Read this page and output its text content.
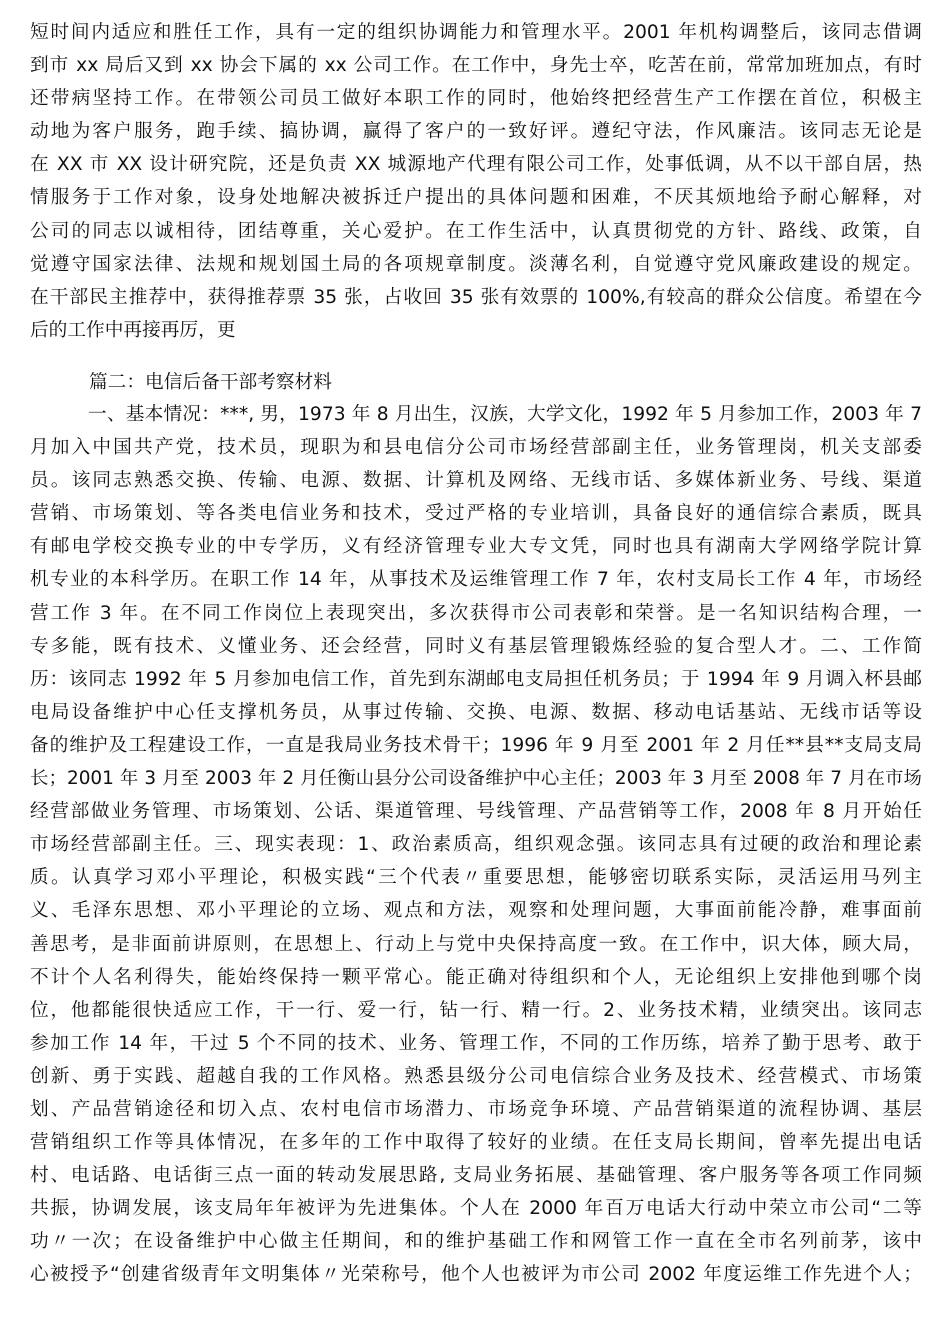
短时间内适应和胜任工作，具有一定的组织协调能力和管理水平。2001 年机构调整后，该同志借调
到市 xx 局后又到 xx 协会下属的 xx 公司工作。在工作中，身先士卒，吃苦在前，常常加班加点，有时
还带病坚持工作。在带领公司员工做好本职工作的同时，他始终把经营生产工作摆在首位，积极主
动地为客户服务，跑手续、搞协调，赢得了客户的一致好评。遵纪守法，作风廉洁。该同志无论是
在 XX 市 XX 设计研究院，还是负责 XX 城源地产代理有限公司工作，处事低调，从不以干部自居，热
情服务于工作对象，设身处地解决被拆迁户提出的具体问题和困难，不厌其烦地给予耐心解释，对
公司的同志以诚相待，团结尊重，关心爱护。在工作生活中，认真贯彻党的方针、路线、政策，自
觉遵守国家法律、法规和规划国土局的各项规章制度。淡薄名利，自觉遵守党风廉政建设的规定。
在干部民主推荐中，获得推荐票 35 张，占收回 35 张有效票的 100%,有较高的群众公信度。希望在今
后的工作中再接再厉，更

篇二：电信后备干部考察材料

一、基本情况：***, 男，1973 年 8 月出生，汉族，大学文化，1992 年 5 月参加工作，2003 年 7
月加入中国共产党，技术员，现职为和县电信分公司市场经营部副主任，业务管理岗，机关支部委
员。该同志熟悉交换、传输、电源、数据、计算机及网络、无线市话、多媒体新业务、号线、渠道
营销、市场策划、等各类电信业务和技术，受过严格的专业培训，具备良好的通信综合素质，既具
有邮电学校交换专业的中专学历，义有经济管理专业大专文凭，同时也具有湖南大学网络学院计算
机专业的本科学历。在职工作 14 年，从事技术及运维管理工作 7 年，农村支局长工作 4 年，市场经
营工作 3 年。在不同工作岗位上表现突出，多次获得市公司表彰和荣誉。是一名知识结构合理，一
专多能，既有技术、义懂业务、还会经营，同时义有基层管理锻炼经验的复合型人才。二、工作简
历：该同志 1992 年 5 月参加电信工作，首先到东湖邮电支局担任机务员；于 1994 年 9 月调入杯县邮
电局设备维护中心任支撑机务员，从事过传输、交换、电源、数据、移动电话基站、无线市话等设
备的维护及工程建设工作，一直是我局业务技术骨干；1996 年 9 月至 2001 年 2 月任**县**支局支局
长；2001 年 3 月至 2003 年 2 月任衡山县分公司设备维护中心主任；2003 年 3 月至 2008 年 7 月在市场
经营部做业务管理、市场策划、公话、渠道管理、号线管理、产品营销等工作，2008 年 8 月开始任
市场经营部副主任。三、现实表现：1、政治素质高，组织观念强。该同志具有过硬的政治和理论素
质。认真学习邓小平理论，积极实践“三个代表〃重要思想，能够密切联系实际，灵活运用马列主
义、毛泽东思想、邓小平理论的立场、观点和方法，观察和处理问题，大事面前能冷静，难事面前
善思考，是非面前讲原则，在思想上、行动上与党中央保持高度一致。在工作中，识大体，顾大局，
不计个人名利得失，能始终保持一颗平常心。能正确对待组织和个人，无论组织上安排他到哪个岗
位，他都能很快适应工作，干一行、爱一行，钻一行、精一行。2、业务技术精，业绩突出。该同志
参加工作 14 年，干过 5 个不同的技术、业务、管理工作，不同的工作历练，培养了勤于思考、敢于
创新、勇于实践、超越自我的工作风格。熟悉县级分公司电信综合业务及技术、经营模式、市场策
划、产品营销途径和切入点、农村电信市场潜力、市场竞争环境、产品营销渠道的流程协调、基层
营销组织工作等具体情况，在多年的工作中取得了较好的业绩。在任支局长期间，曾率先提出电话
村、电话路、电话街三点一面的转动发展思路, 支局业务拓展、基础管理、客户服务等各项工作同频
共振，协调发展，该支局年年被评为先进集体。个人在 2000 年百万电话大行动中荣立市公司“二等
功〃一次；在设备维护中心做主任期间，和的维护基础工作和网管工作一直在全市名列前茅，该中
心被授予“创建省级青年文明集体〃光荣称号，他个人也被评为市公司 2002 年度运维工作先进个人；
